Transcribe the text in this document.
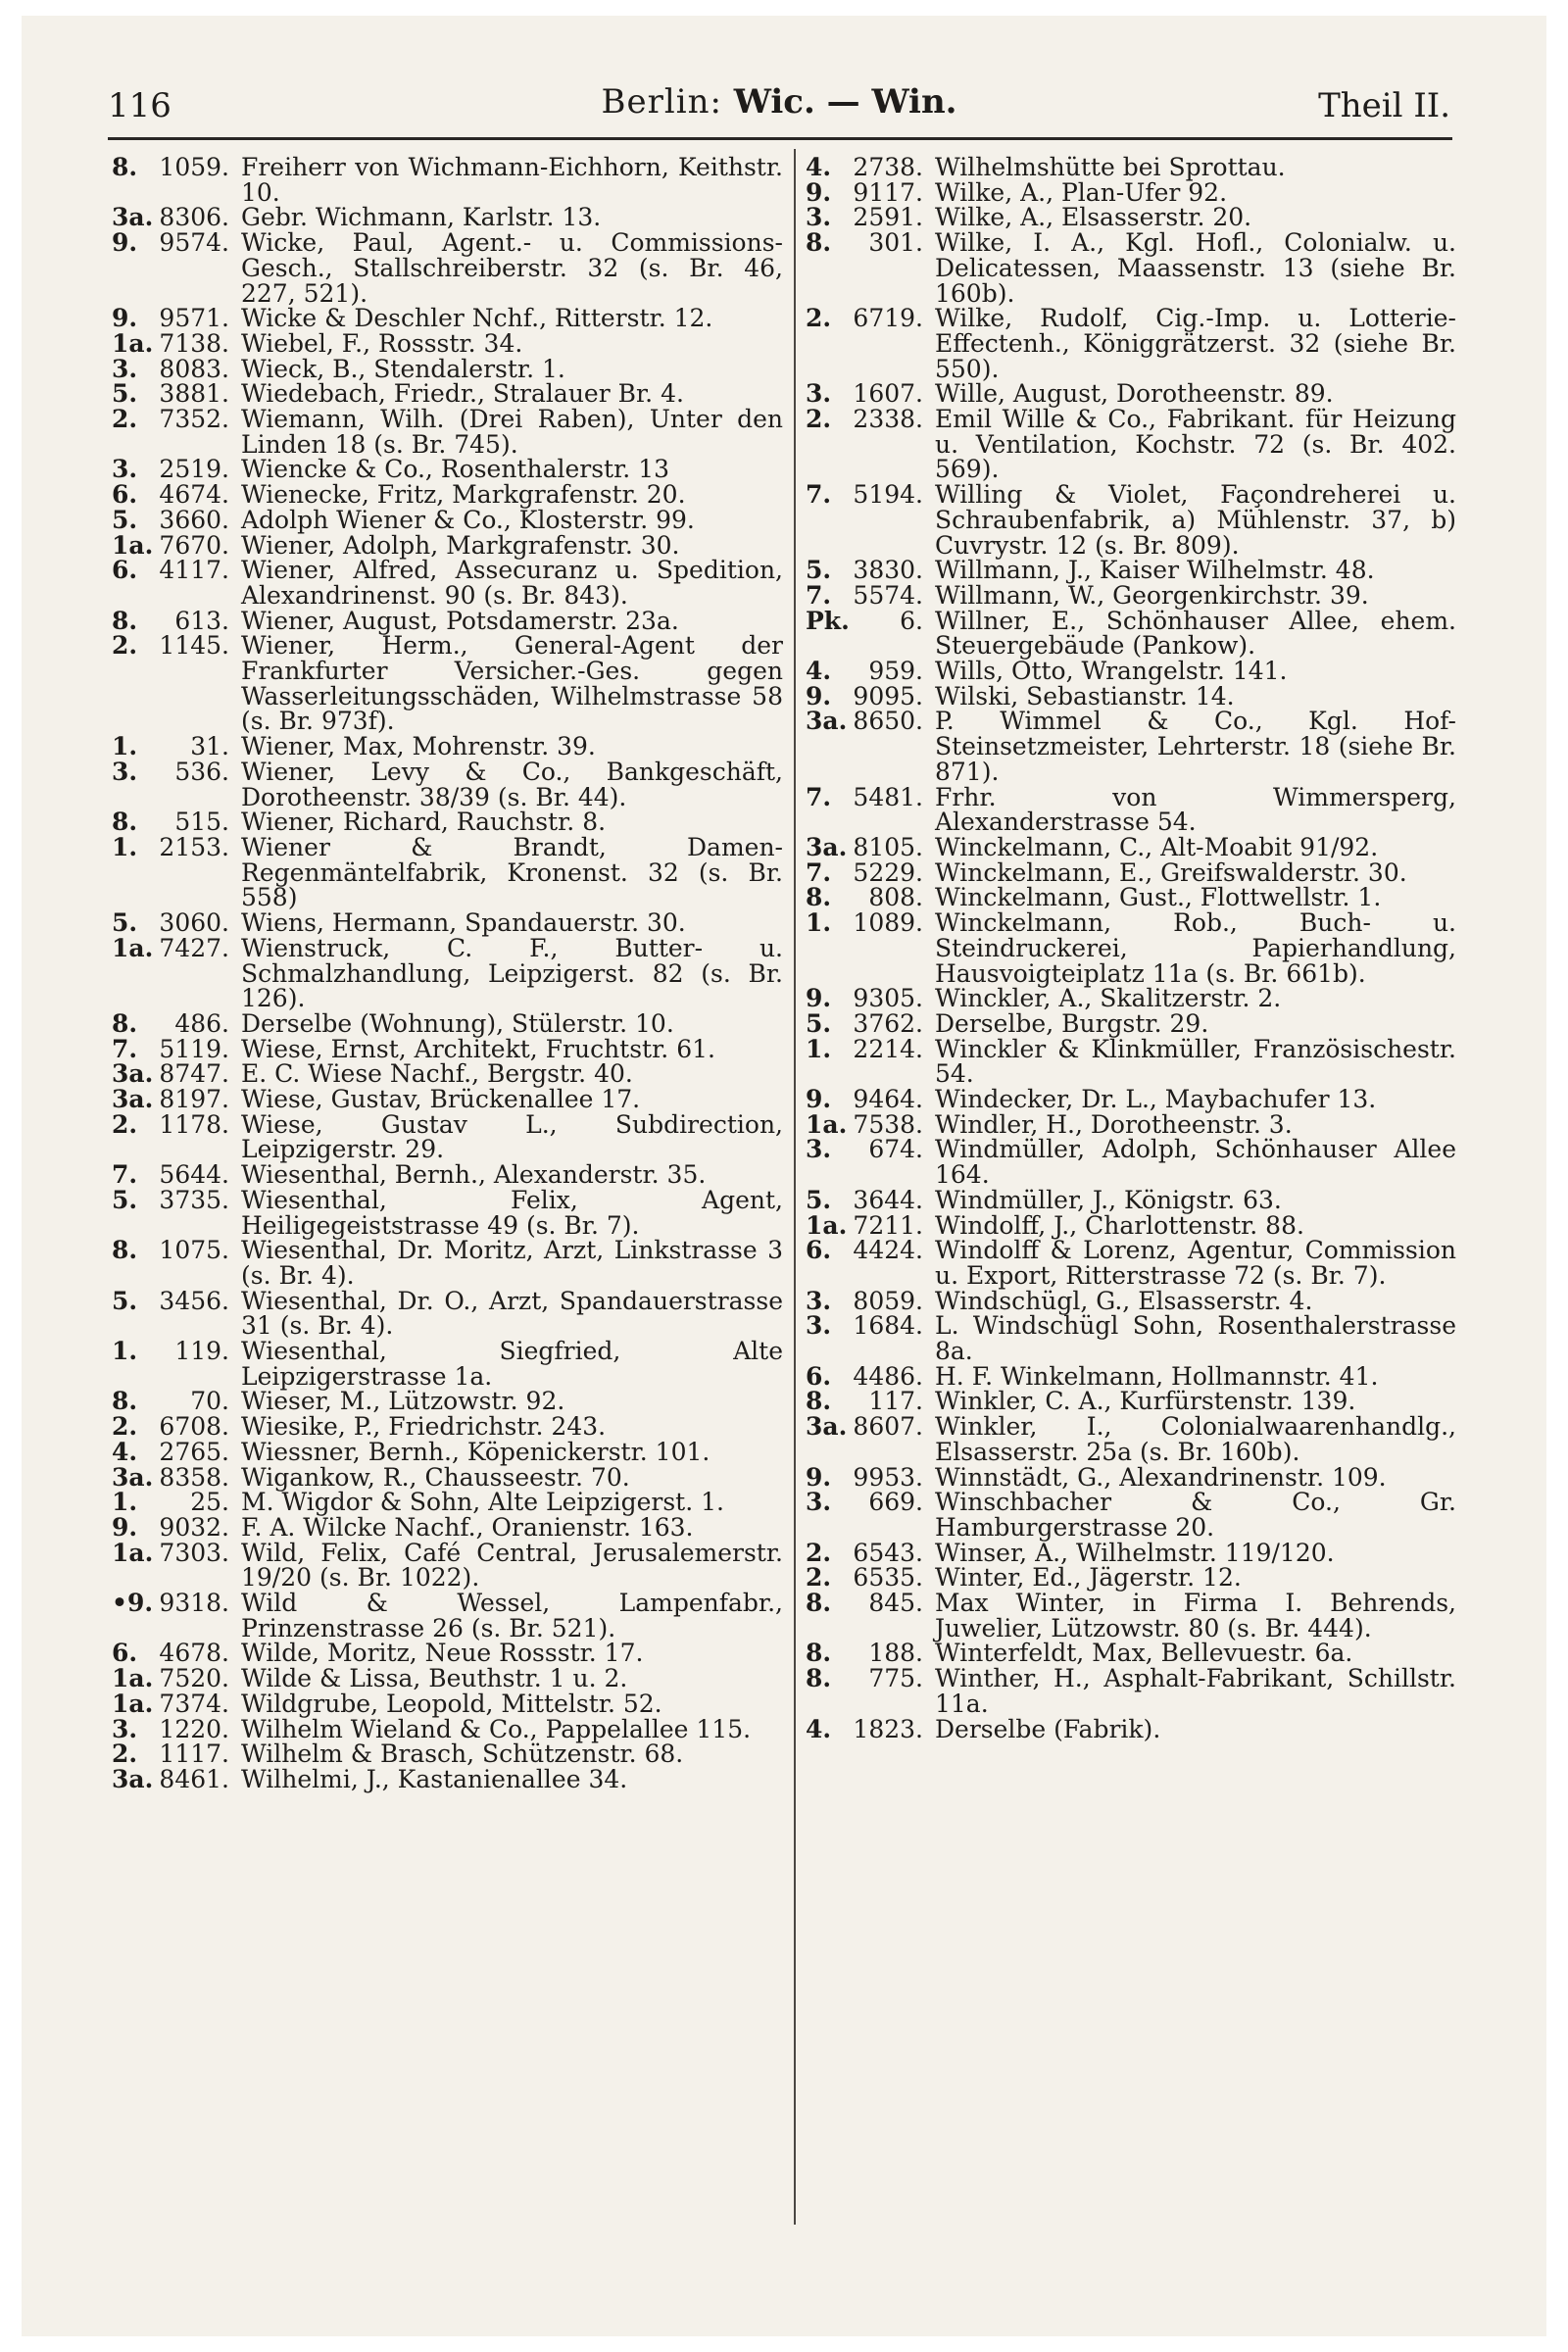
116	Berlin: Wic. — Win.	Theil II.
8. 1059. Freiherr von Wichmann-Eichhorn, Keithstr. 10.
3a. 8306. Gebr. Wichmann, Karlstr. 13.
9. 9574. Wicke, Paul, Agent.- u. Commissions-Gesch., Stallschreiberstr. 32 (s. Br. 46, 227, 521).
9. 9571. Wicke & Deschler Nchf., Ritterstr. 12.
1a. 7138. Wiebel, F., Rossstr. 34.
3. 8083. Wieck, B., Stendalerstr. 1.
5. 3881. Wiedebach, Friedr., Stralauer Br. 4.
2. 7352. Wiemann, Wilh. (Drei Raben), Unter den Linden 18 (s. Br. 745).
3. 2519. Wiencke & Co., Rosenthalerstr. 13
6. 4674. Wienecke, Fritz, Markgrafenstr. 20.
5. 3660. Adolph Wiener & Co., Klosterstr. 99.
1a. 7670. Wiener, Adolph, Markgrafenstr. 30.
6. 4117. Wiener, Alfred, Assecuranz u. Spedition, Alexandrinenst. 90 (s. Br. 843).
8.	613. Wiener, August, Potsdamerstr. 23a.
2. 1145. Wiener, Herm., General-Agent der Frankfurter Versicher.-Ges. gegen Wasserleitungsschäden, Wilhelmstrasse 58 (s. Br. 973f).
1.	31. Wiener, Max, Mohrenstr. 39.
3.	536. Wiener, Levy & Co., Bankgeschäft, Dorotheenstr. 38/39 (s. Br. 44).
8.	515. Wiener, Richard, Rauchstr. 8.
1. 2153. Wiener & Brandt, Damen-Regenmäntelfabrik, Kronenst. 32 (s. Br. 558)
5. 3060. Wiens, Hermann, Spandauerstr. 30.
1a. 7427. Wienstruck, C. F., Butter- u. Schmalzhandlung, Leipzigerst. 82 (s. Br. 126).
8.	486. Derselbe (Wohnung), Stülerstr. 10.
7. 5119. Wiese, Ernst, Architekt, Fruchtstr. 61.
3a. 8747. E. C. Wiese Nachf., Bergstr. 40.
3a. 8197. Wiese, Gustav, Brückenallee 17.
2. 1178. Wiese, Gustav L., Subdirection, Leipzigerstr. 29.
7. 5644. Wiesenthal, Bernh., Alexanderstr. 35.
5. 3735. Wiesenthal, Felix, Agent, Heiligegeiststrasse 49 (s. Br. 7).
8. 1075. Wiesenthal, Dr. Moritz, Arzt, Linkstrasse 3 (s. Br. 4).
5. 3456. Wiesenthal, Dr. O., Arzt, Spandauerstrasse 31 (s. Br. 4).
1.	119. Wiesenthal, Siegfried, Alte Leipzigerstrasse 1a.
8.	70. Wieser, M., Lützowstr. 92.
2. 6708. Wiesike, P., Friedrichstr. 243.
4. 2765. Wiessner, Bernh., Köpenickerstr. 101.
3a. 8358. Wigankow, R., Chausseestr. 70.
1.	25. M. Wigdor & Sohn, Alte Leipzigerst. 1.
9. 9032. F. A. Wilcke Nachf., Oranienstr. 163.
1a. 7303. Wild, Felix, Café Central, Jerusalemerstr. 19/20 (s. Br. 1022).
•9. 9318. Wild & Wessel, Lampenfabr., Prinzenstrasse 26 (s. Br. 521).
6. 4678. Wilde, Moritz, Neue Rossstr. 17.
1a. 7520. Wilde & Lissa, Beuthstr. 1 u. 2.
1a. 7374. Wildgrube, Leopold, Mittelstr. 52.
3. 1220. Wilhelm Wieland & Co., Pappelallee 115.
2. 1117. Wilhelm & Brasch, Schützenstr. 68.
3a. 8461. Wilhelmi, J., Kastanienallee 34.
4. 2738. Wilhelmshütte bei Sprottau.
9. 9117. Wilke, A., Plan-Ufer 92.
3. 2591. Wilke, A., Elsasserstr. 20.
8.	301. Wilke, I. A., Kgl. Hofl., Colonialw. u. Delicatessen, Maassenstr. 13 (siehe Br. 160b).
2. 6719. Wilke, Rudolf, Cig.-Imp. u. Lotterie-Effectenh., Königgrätzerst. 32 (siehe Br. 550).
3. 1607. Wille, August, Dorotheenstr. 89.
2. 2338. Emil Wille & Co., Fabrikant. für Heizung u. Ventilation, Kochstr. 72 (s. Br. 402. 569).
7. 5194. Willing & Violet, Façondreherei u. Schraubenfabrik, a) Mühlenstr. 37, b) Cuvrystr. 12 (s. Br. 809).
5. 3830. Willmann, J., Kaiser Wilhelmstr. 48.
7. 5574. Willmann, W., Georgenkirchstr. 39.
Pk.	6. Willner, E., Schönhauser Allee, ehem. Steuergebäude (Pankow).
4.	959. Wills, Otto, Wrangelstr. 141.
9. 9095. Wilski, Sebastianstr. 14.
3a. 8650. P. Wimmel & Co., Kgl. Hof-Steinsetzmeister, Lehrterstr. 18 (siehe Br. 871).
7. 5481. Frhr. von Wimmersperg, Alexanderstrasse 54.
3a. 8105. Winckelmann, C., Alt-Moabit 91/92.
7. 5229. Winckelmann, E., Greifswalderstr. 30.
8.	808. Winckelmann, Gust., Flottwellstr. 1.
1. 1089. Winckelmann, Rob., Buch- u. Steindruckerei, Papierhandlung, Hausvoigteiplatz 11a (s. Br. 661b).
9. 9305. Winckler, A., Skalitzerstr. 2.
5. 3762. Derselbe, Burgstr. 29.
1. 2214. Winckler & Klinkmüller, Französischestr. 54.
9. 9464. Windecker, Dr. L., Maybachufer 13.
1a. 7538. Windler, H., Dorotheenstr. 3.
3.	674. Windmüller, Adolph, Schönhauser Allee 164.
5. 3644. Windmüller, J., Königstr. 63.
1a. 7211. Windolff, J., Charlottenstr. 88.
6. 4424. Windolff & Lorenz, Agentur, Commission u. Export, Ritterstrasse 72 (s. Br. 7).
3. 8059. Windschügl, G., Elsasserstr. 4.
3. 1684. L. Windschügl Sohn, Rosenthalerstrasse 8a.
6. 4486. H. F. Winkelmann, Hollmannstr. 41.
8.	117. Winkler, C. A., Kurfürstenstr. 139.
3a. 8607. Winkler, I., Colonialwaarenhandlg., Elsasserstr. 25a (s. Br. 160b).
9. 9953. Winnstädt, G., Alexandrinenstr. 109.
3.	669. Winschbacher & Co., Gr. Hamburgerstrasse 20.
2. 6543. Winser, A., Wilhelmstr. 119/120.
2. 6535. Winter, Ed., Jägerstr. 12.
8.	845. Max Winter, in Firma I. Behrends, Juwelier, Lützowstr. 80 (s. Br. 444).
8.	188. Winterfeldt, Max, Bellevuestr. 6a.
8.	775. Winther, H., Asphalt-Fabrikant, Schillstr. 11a.
4. 1823. Derselbe (Fabrik).
